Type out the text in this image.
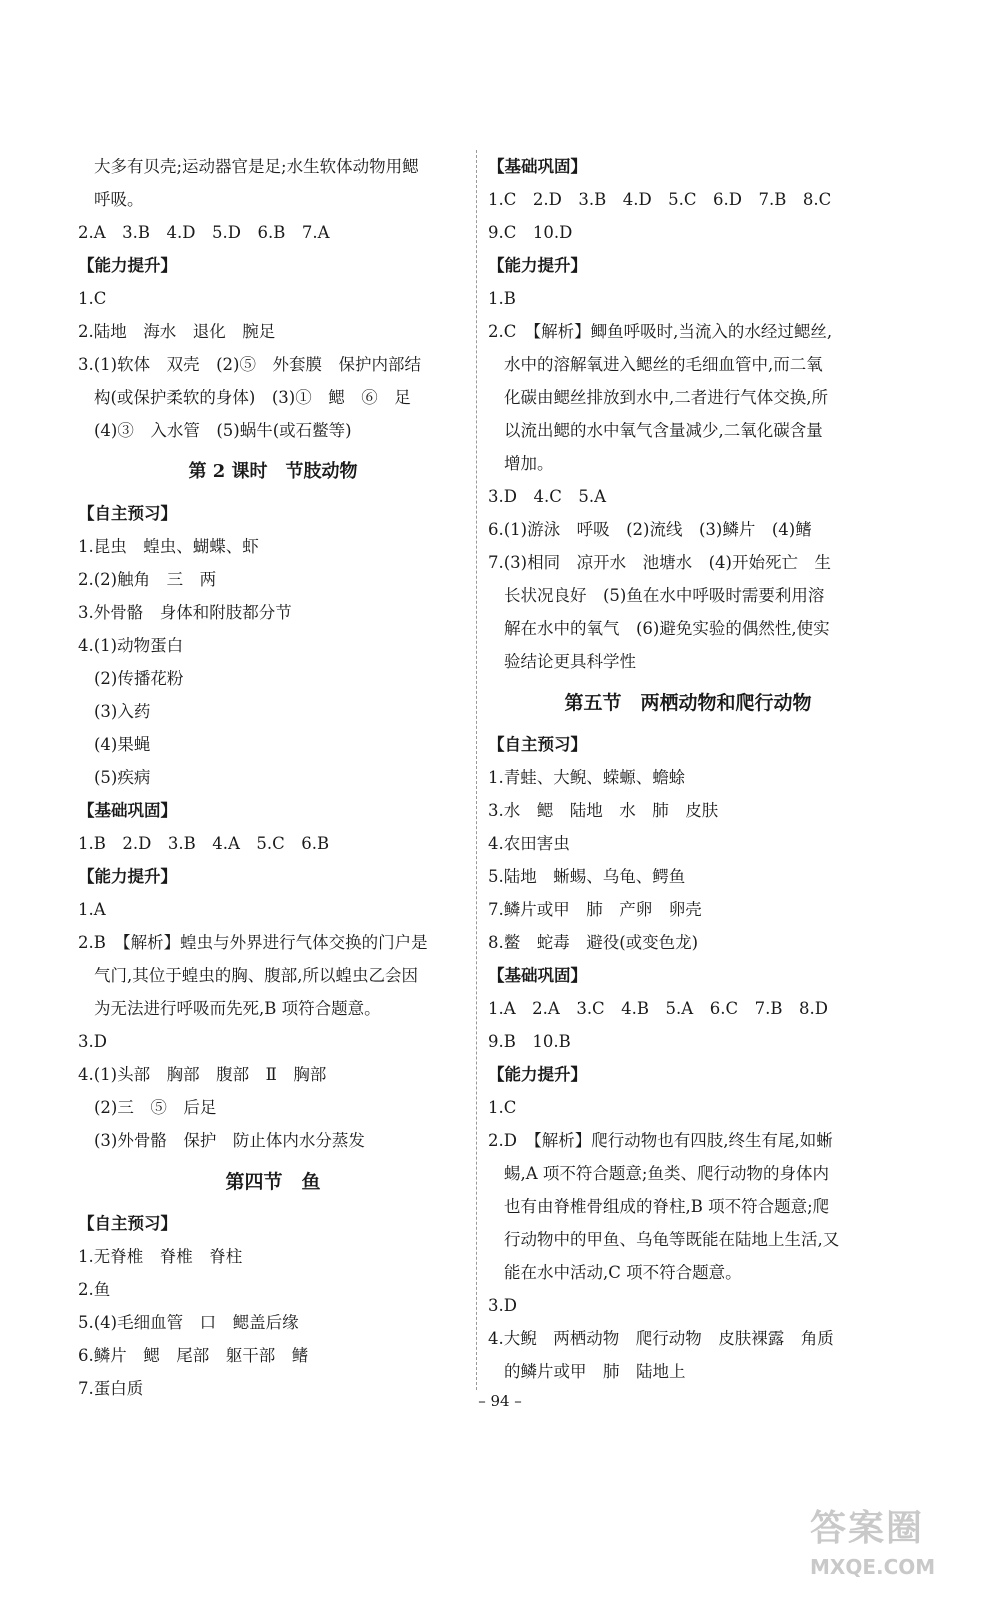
大多有贝壳;运动器官是足;水生软体动物用鳃
呼吸。
2.A　3.B　4.D　5.D　6.B　7.A
【能力提升】
1.C
2.陆地　海水　退化　腕足
3.(1)软体　双壳　(2)⑤　外套膜　保护内部结
构(或保护柔软的身体)　(3)①　鳃　⑥　足
(4)③　入水管　(5)蜗牛(或石鳖等)
第 2 课时　节肢动物
【自主预习】
1.昆虫　蝗虫、蝴蝶、虾
2.(2)触角　三　两
3.外骨骼　身体和附肢都分节
4.(1)动物蛋白
(2)传播花粉
(3)入药
(4)果蝇
(5)疾病
【基础巩固】
1.B　2.D　3.B　4.A　5.C　6.B
【能力提升】
1.A
2.B　【解析】蝗虫与外界进行气体交换的门户是
气门,其位于蝗虫的胸、腹部,所以蝗虫乙会因
为无法进行呼吸而先死,B 项符合题意。
3.D
4.(1)头部　胸部　腹部　Ⅱ　胸部
(2)三　⑤　后足
(3)外骨骼　保护　防止体内水分蒸发
第四节　鱼
【自主预习】
1.无脊椎　脊椎　脊柱
2.鱼
5.(4)毛细血管　口　鳃盖后缘
6.鳞片　鳃　尾部　躯干部　鳍
7.蛋白质
【基础巩固】
1.C　2.D　3.B　4.D　5.C　6.D　7.B　8.C
9.C　10.D
【能力提升】
1.B
2.C　【解析】鲫鱼呼吸时,当流入的水经过鳃丝,
水中的溶解氧进入鳃丝的毛细血管中,而二氧
化碳由鳃丝排放到水中,二者进行气体交换,所
以流出鳃的水中氧气含量减少,二氧化碳含量
增加。
3.D　4.C　5.A
6.(1)游泳　呼吸　(2)流线　(3)鳞片　(4)鳍
7.(3)相同　凉开水　池塘水　(4)开始死亡　生
长状况良好　(5)鱼在水中呼吸时需要利用溶
解在水中的氧气　(6)避免实验的偶然性,使实
验结论更具科学性
第五节　两栖动物和爬行动物
【自主预习】
1.青蛙、大鲵、蝾螈、蟾蜍
3.水　鳃　陆地　水　肺　皮肤
4.农田害虫
5.陆地　蜥蜴、乌龟、鳄鱼
7.鳞片或甲　肺　产卵　卵壳
8.鳖　蛇毒　避役(或变色龙)
【基础巩固】
1.A　2.A　3.C　4.B　5.A　6.C　7.B　8.D
9.B　10.B
【能力提升】
1.C
2.D　【解析】爬行动物也有四肢,终生有尾,如蜥
蜴,A 项不符合题意;鱼类、爬行动物的身体内
也有由脊椎骨组成的脊柱,B 项不符合题意;爬
行动物中的甲鱼、乌龟等既能在陆地上生活,又
能在水中活动,C 项不符合题意。
3.D
4.大鲵　两栖动物　爬行动物　皮肤裸露　角质
的鳞片或甲　肺　陆地上
– 94 –
答案圈
MXQE.COM
